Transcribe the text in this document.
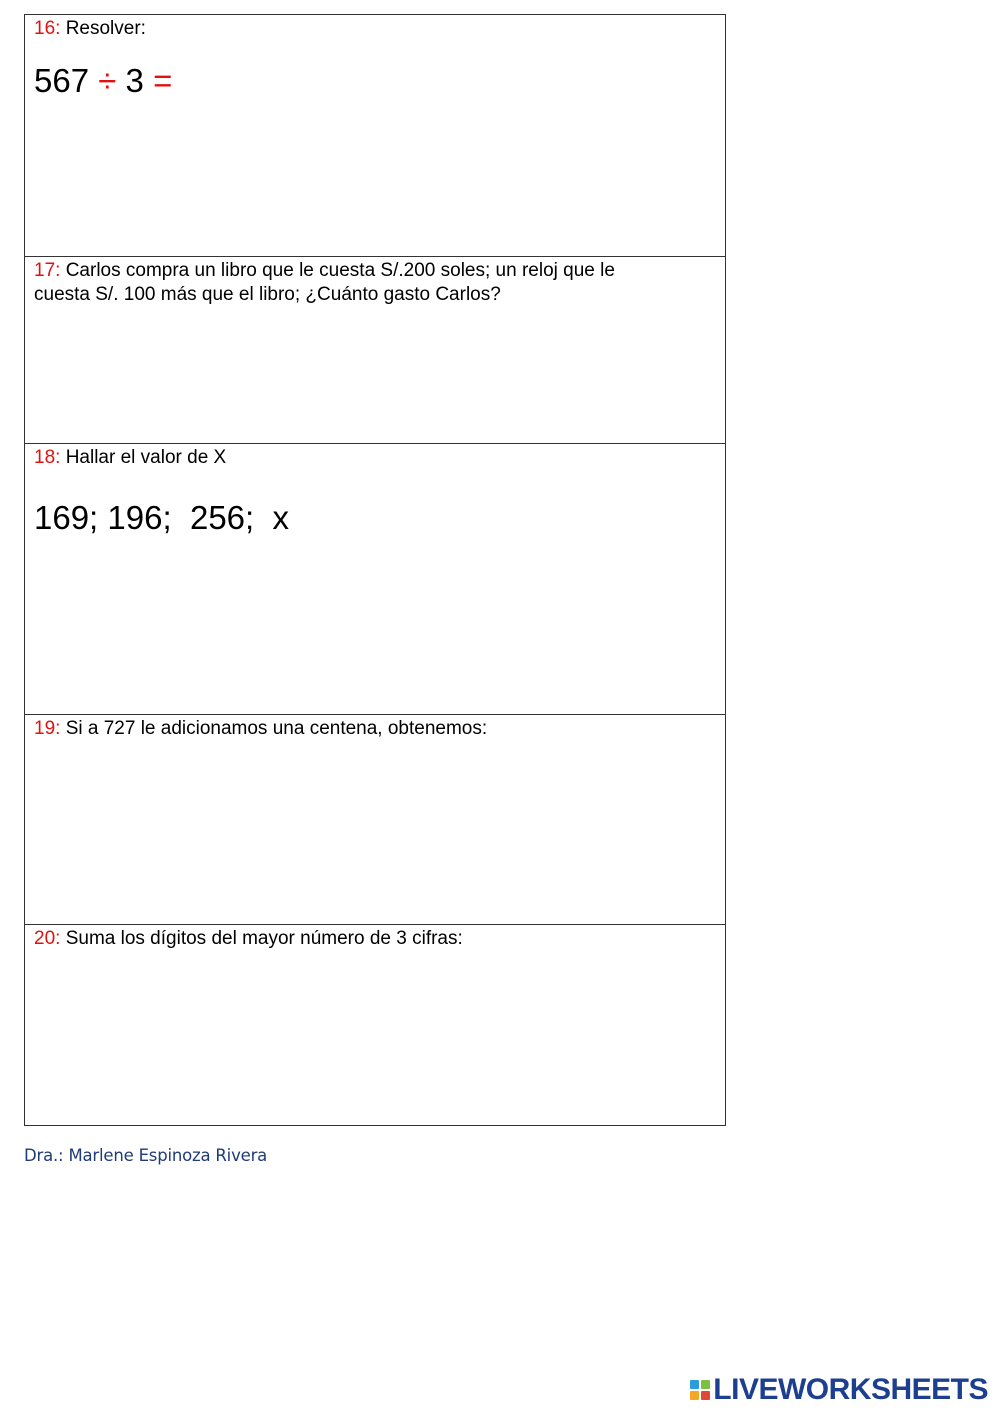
16: Resolver:
567 ÷ 3 =
17: Carlos compra un libro que le cuesta S/.200 soles; un reloj que le cuesta S/. 100 más que el libro; ¿Cuánto gasto Carlos?
18: Hallar el valor de X
169; 196;  256;  x
19: Si a 727 le adicionamos una centena, obtenemos:
20: Suma los dígitos del mayor número de 3 cifras:
Dra.: Marlene Espinoza Rivera
LIVEWORKSHEETS
